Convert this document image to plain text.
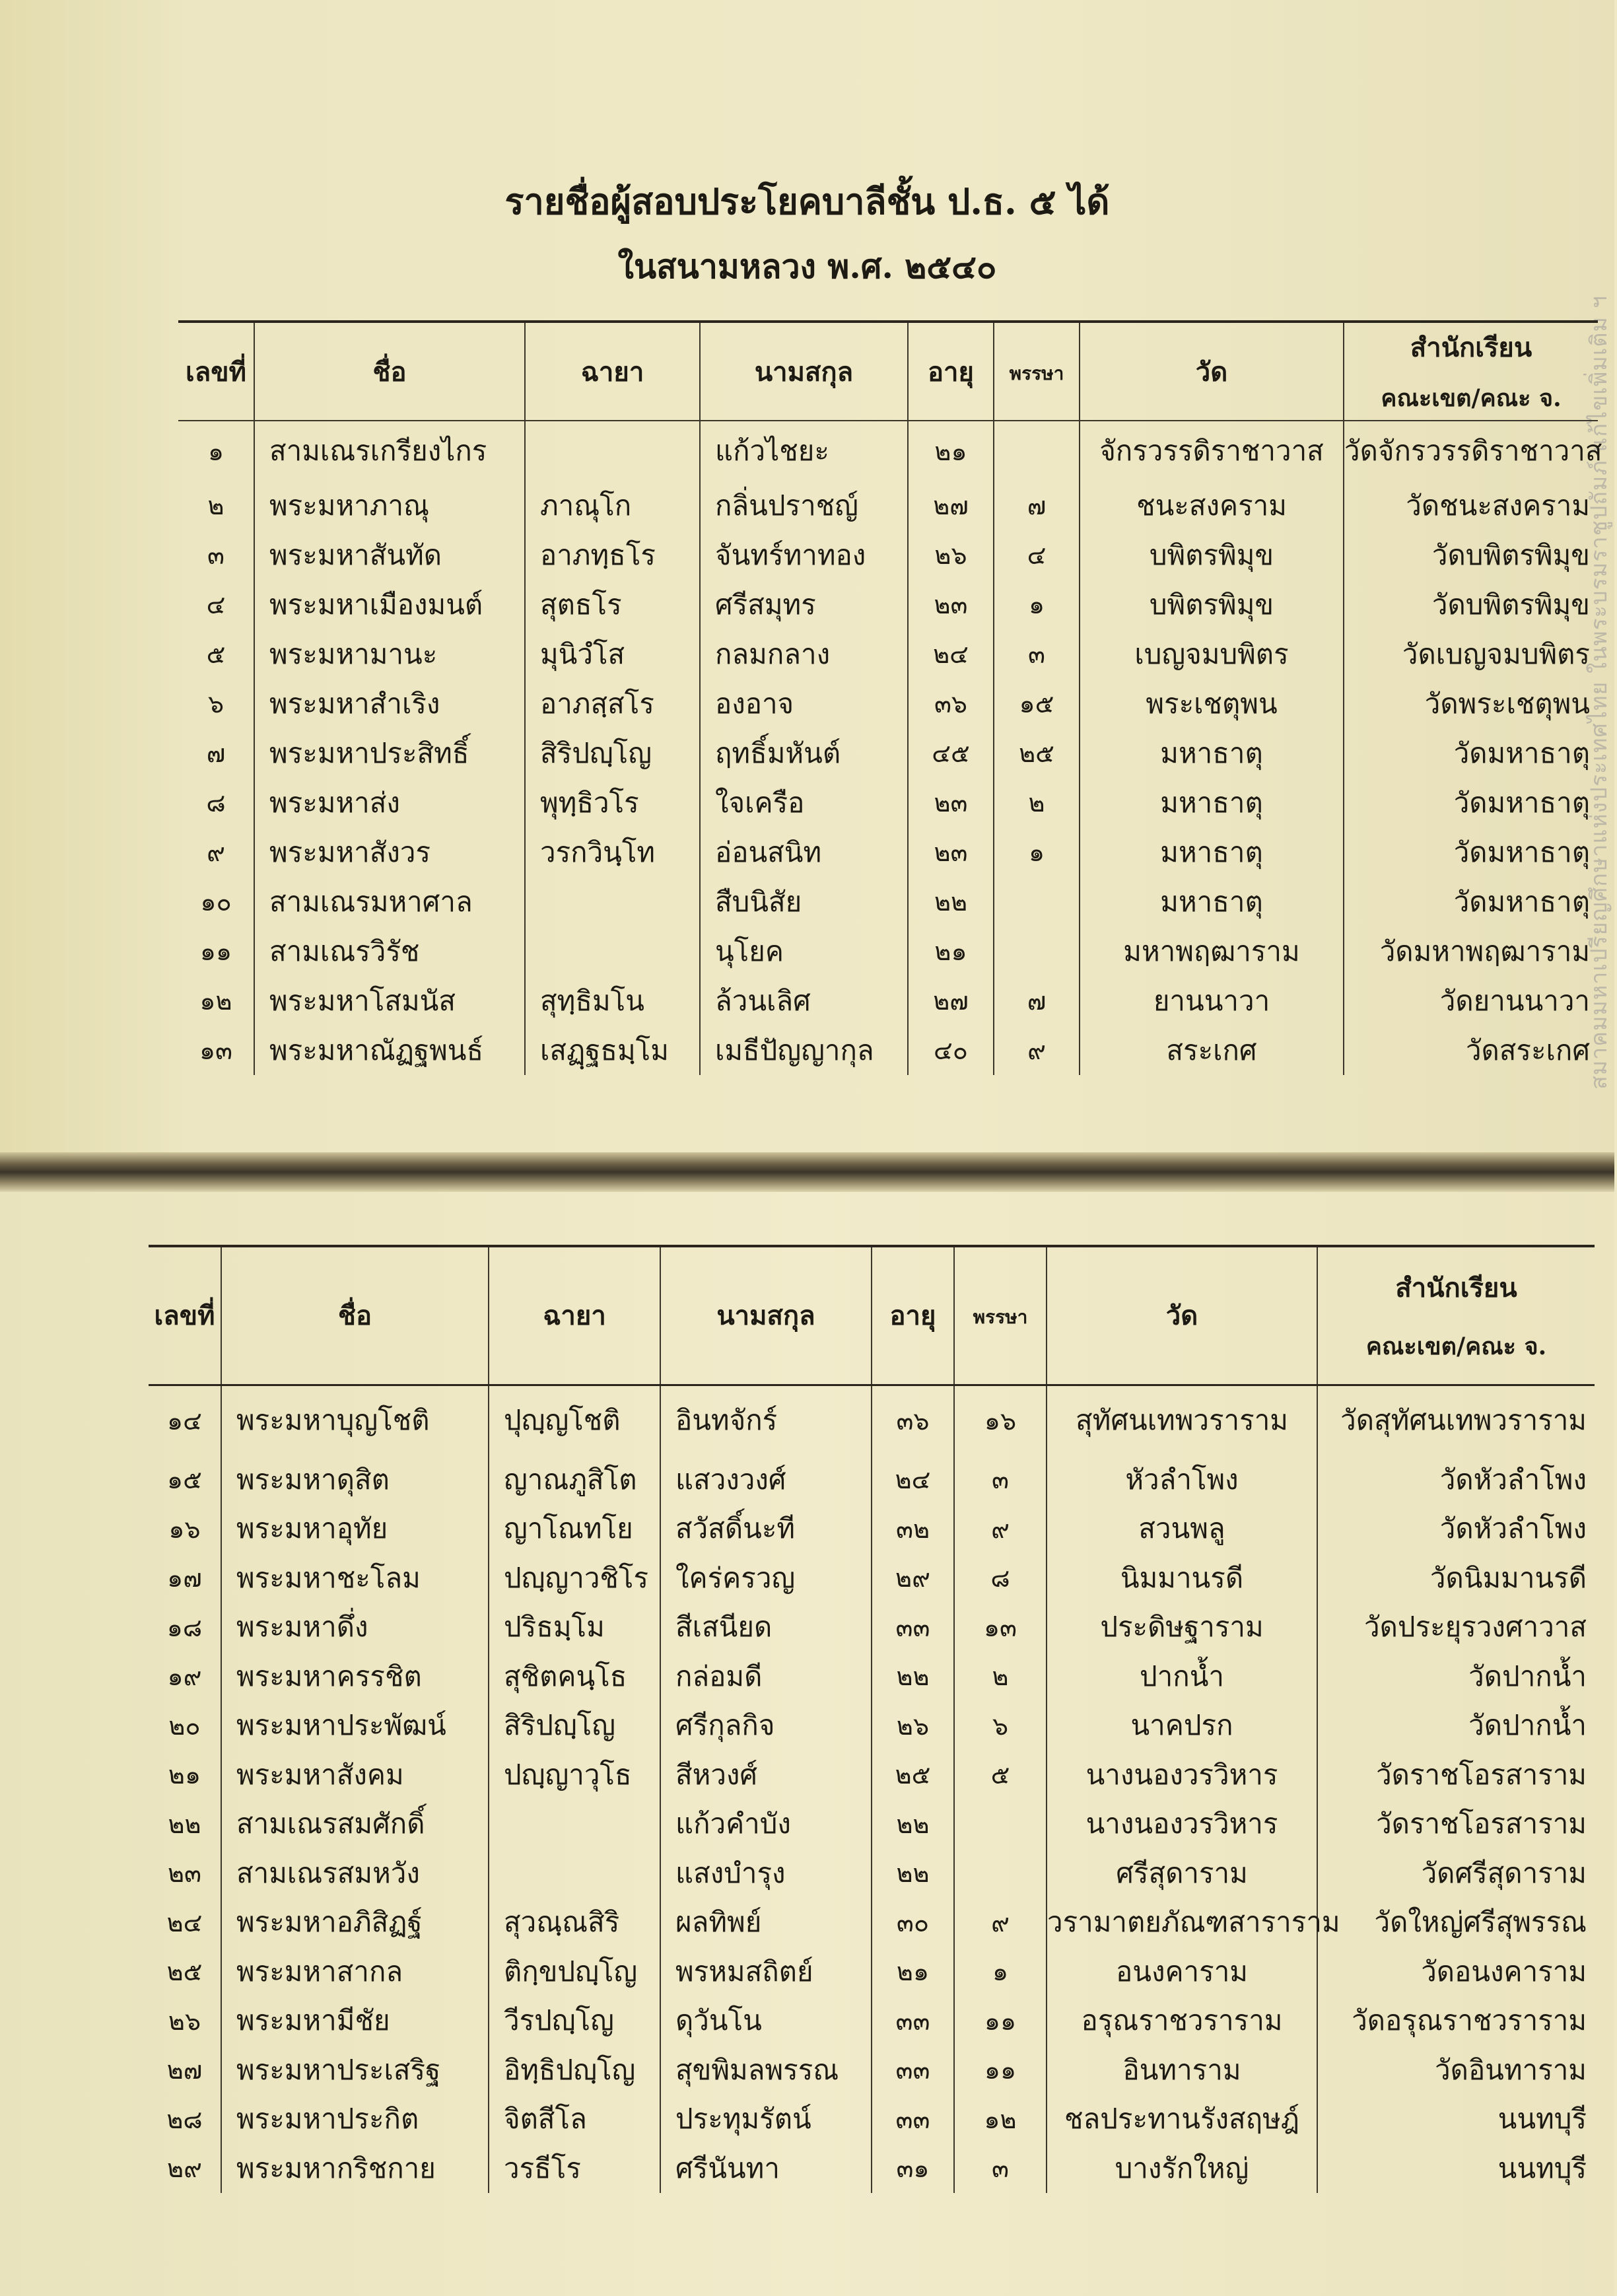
สมาคมมหาเปรียญศึกษาแห่งประเทศไทย ในพระบรมราชูปถัมภ์ แก้ไขเพิ่มเติม ฯ
รายชื่อผู้สอบประโยคบาลีชั้น ป.ธ. ๕ ได้
ในสนามหลวง พ.ศ. ๒๕๔๐
เลขที่	ชื่อ	ฉายา	นามสกุล	อายุ	พรรษา	วัด	สำนักเรียน
คณะเขต/คณะ จ.

๑	สามเณรเกรียงไกร		แก้วไชยะ	๒๑		จักรวรรดิราชาวาส	วัดจักรวรรดิราชาวาส
๒	พระมหาภาณุ	ภาณุโก	กลิ่นปราชญ์	๒๗	๗	ชนะสงคราม	วัดชนะสงคราม
๓	พระมหาสันทัด	อาภทฺธโร	จันทร์ทาทอง	๒๖	๔	บพิตรพิมุข	วัดบพิตรพิมุข
๔	พระมหาเมืองมนต์	สุตธโร	ศรีสมุทร	๒๓	๑	บพิตรพิมุข	วัดบพิตรพิมุข
๕	พระมหามานะ	มุนิวํโส	กลมกลาง	๒๔	๓	เบญจมบพิตร	วัดเบญจมบพิตร
๖	พระมหาสำเริง	อาภสฺสโร	องอาจ	๓๖	๑๕	พระเชตุพน	วัดพระเชตุพน
๗	พระมหาประสิทธิ์	สิริปญฺโญ	ฤทธิ์มหันต์	๔๕	๒๕	มหาธาตุ	วัดมหาธาตุ
๘	พระมหาส่ง	พุทฺธิวโร	ใจเครือ	๒๓	๒	มหาธาตุ	วัดมหาธาตุ
๙	พระมหาสังวร	วรกวินฺโท	อ่อนสนิท	๒๓	๑	มหาธาตุ	วัดมหาธาตุ
๑๐	สามเณรมหาศาล		สืบนิสัย	๒๒		มหาธาตุ	วัดมหาธาตุ
๑๑	สามเณรวิรัช		นุโยค	๒๑		มหาพฤฒาราม	วัดมหาพฤฒาราม
๑๒	พระมหาโสมนัส	สุทฺธิมโน	ล้วนเลิศ	๒๗	๗	ยานนาวา	วัดยานนาวา
๑๓	พระมหาณัฏฐพนธ์	เสฏฺฐธมฺโม	เมธีปัญญากุล	๔๐	๙	สระเกศ	วัดสระเกศ
เลขที่	ชื่อ	ฉายา	นามสกุล	อายุ	พรรษา	วัด	สำนักเรียน
คณะเขต/คณะ จ.

๑๔	พระมหาบุญโชติ	ปุญฺญโชติ	อินทจักร์	๓๖	๑๖	สุทัศนเทพวราราม	วัดสุทัศนเทพวราราม
๑๕	พระมหาดุสิต	ญาณภูสิโต	แสวงวงศ์	๒๔	๓	หัวลำโพง	วัดหัวลำโพง
๑๖	พระมหาอุทัย	ญาโณทโย	สวัสดิ์นะที	๓๒	๙	สวนพลู	วัดหัวลำโพง
๑๗	พระมหาชะโลม	ปญฺญาวชิโร	ใคร่ครวญ	๒๙	๘	นิมมานรดี	วัดนิมมานรดี
๑๘	พระมหาดึ่ง	ปริธมฺโม	สีเสนียด	๓๓	๑๓	ประดิษฐาราม	วัดประยุรวงศาวาส
๑๙	พระมหาครรชิต	สุชิตคนฺโธ	กล่อมดี	๒๒	๒	ปากน้ำ	วัดปากน้ำ
๒๐	พระมหาประพัฒน์	สิริปญฺโญ	ศรีกุลกิจ	๒๖	๖	นาคปรก	วัดปากน้ำ
๒๑	พระมหาสังคม	ปญฺญาวุโธ	สีหวงศ์	๒๕	๕	นางนองวรวิหาร	วัดราชโอรสาราม
๒๒	สามเณรสมศักดิ์		แก้วคำบัง	๒๒		นางนองวรวิหาร	วัดราชโอรสาราม
๒๓	สามเณรสมหวัง		แสงบำรุง	๒๒		ศรีสุดาราม	วัดศรีสุดาราม
๒๔	พระมหาอภิสิฏฐ์	สุวณฺณสิริ	ผลทิพย์	๓๐	๙	วรามาตยภัณฑสาราราม	วัดใหญ่ศรีสุพรรณ
๒๕	พระมหาสากล	ติกฺขปญฺโญ	พรหมสถิตย์	๒๑	๑	อนงคาราม	วัดอนงคาราม
๒๖	พระมหามีชัย	วีรปญฺโญ	ดุวันโน	๓๓	๑๑	อรุณราชวราราม	วัดอรุณราชวราราม
๒๗	พระมหาประเสริฐ	อิทฺธิปญฺโญ	สุขพิมลพรรณ	๓๓	๑๑	อินทาราม	วัดอินทาราม
๒๘	พระมหาประกิต	จิตสีโล	ประทุมรัตน์	๓๓	๑๒	ชลประทานรังสฤษฎ์	นนทบุรี
๒๙	พระมหากริชกาย	วรธีโร	ศรีนันทา	๓๑	๓	บางรักใหญ่	นนทบุรี
